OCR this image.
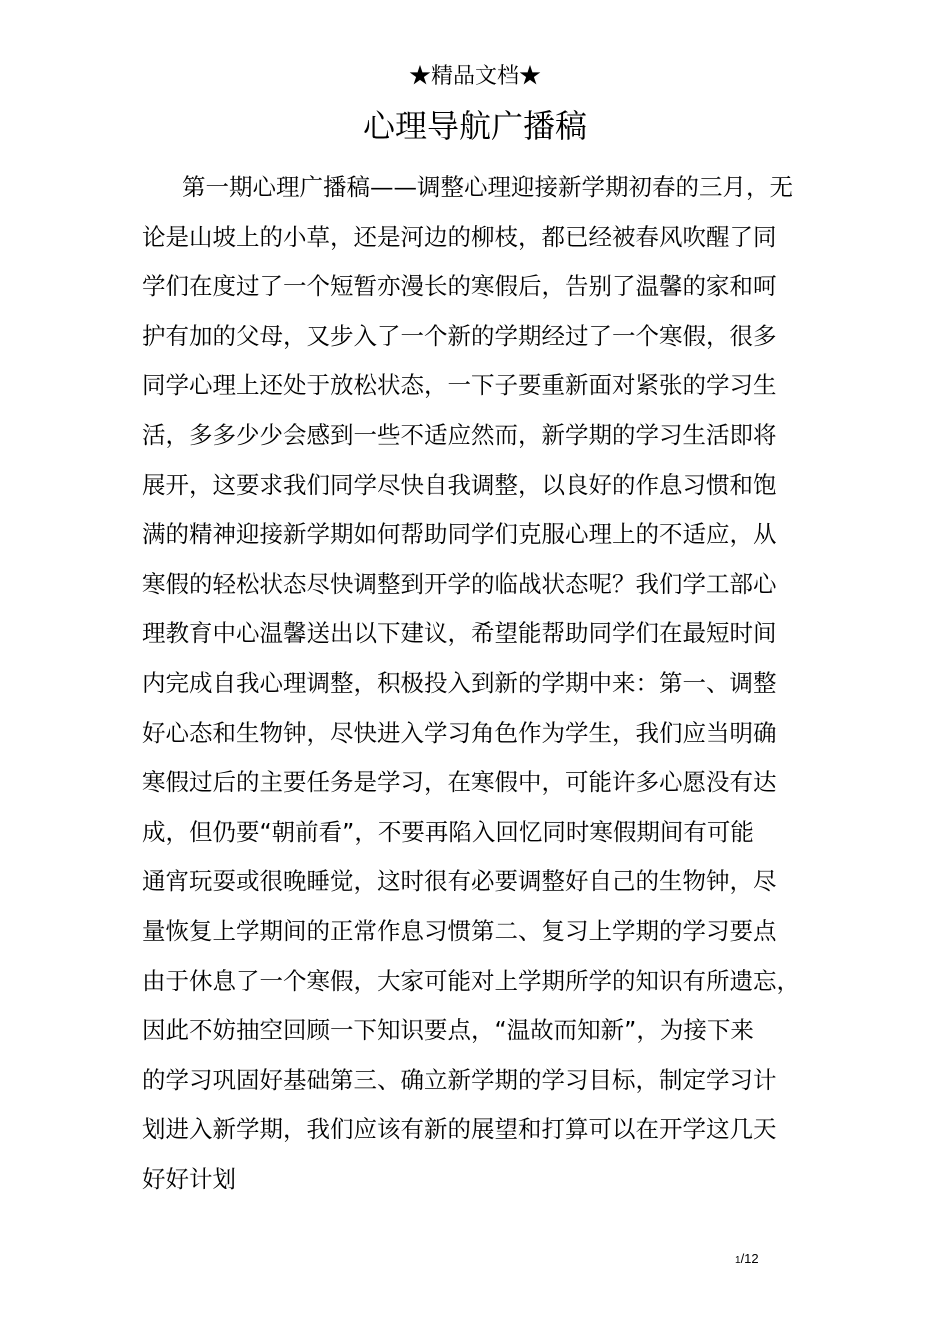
★精品文档★
心理导航广播稿
第一期心理广播稿——调整心理迎接新学期初春的三月，无
论是山坡上的小草，还是河边的柳枝，都已经被春风吹醒了同
学们在度过了一个短暂亦漫长的寒假后，告别了温馨的家和呵
护有加的父母，又步入了一个新的学期经过了一个寒假，很多
同学心理上还处于放松状态，一下子要重新面对紧张的学习生
活，多多少少会感到一些不适应然而，新学期的学习生活即将
展开，这要求我们同学尽快自我调整，以良好的作息习惯和饱
满的精神迎接新学期如何帮助同学们克服心理上的不适应，从
寒假的轻松状态尽快调整到开学的临战状态呢？我们学工部心
理教育中心温馨送出以下建议，希望能帮助同学们在最短时间
内完成自我心理调整，积极投入到新的学期中来：第一、调整
好心态和生物钟，尽快进入学习角色作为学生，我们应当明确
寒假过后的主要任务是学习，在寒假中，可能许多心愿没有达
成，但仍要“朝前看”，不要再陷入回忆同时寒假期间有可能
通宵玩耍或很晚睡觉，这时很有必要调整好自己的生物钟，尽
量恢复上学期间的正常作息习惯第二、复习上学期的学习要点
由于休息了一个寒假，大家可能对上学期所学的知识有所遗忘，
因此不妨抽空回顾一下知识要点，“温故而知新”，为接下来
的学习巩固好基础第三、确立新学期的学习目标，制定学习计
划进入新学期，我们应该有新的展望和打算可以在开学这几天
好好计划
1/12
